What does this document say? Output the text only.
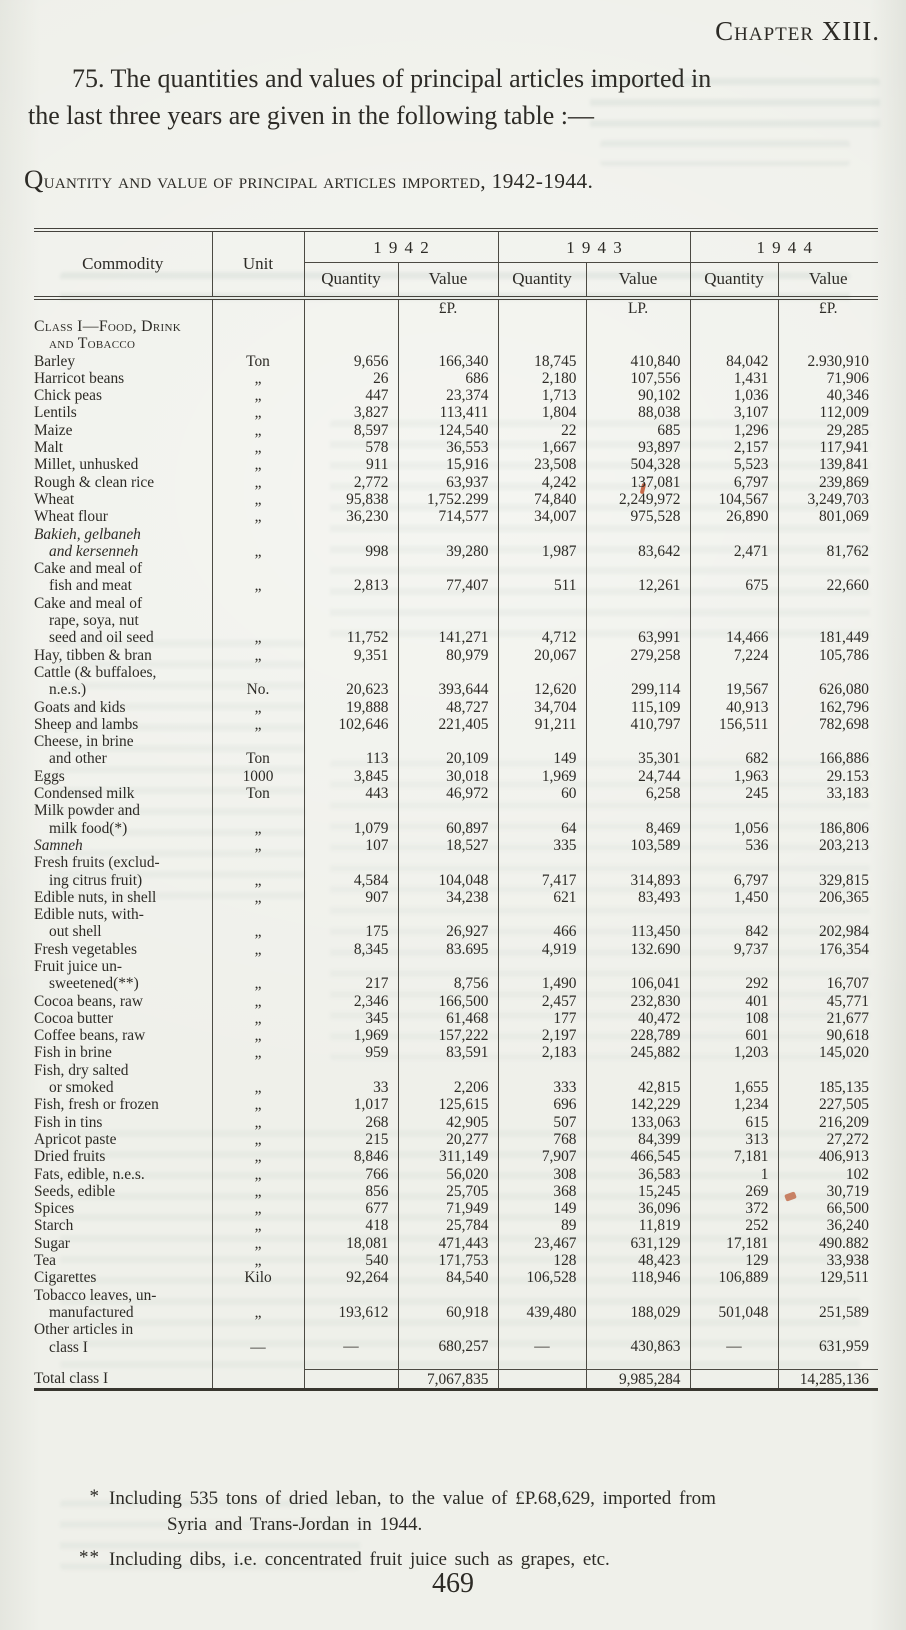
Chapter XIII.
75. The quantities and values of principal articles imported in
the last three years are given in the following table :—
Quantity and value of principal articles imported, 1942-1944.
Commodity	Unit	1942		1943		1944	
		Quantity	Value	Quantity	Value	Quantity	Value
			£P.		LP.		£P.

Class I—Food, Drink
and Tobacco							

Barley	Ton	9,656	166,340	18,745	410,840	84,042	2.930,910

Harricot beans	„	26	686	2,180	107,556	1,431	71,906

Chick peas	„	447	23,374	1,713	90,102	1,036	40,346

Lentils	„	3,827	113,411	1,804	88,038	3,107	112,009

Maize	„	8,597	124,540	22	685	1,296	29,285

Malt	„	578	36,553	1,667	93,897	2,157	117,941

Millet, unhusked	„	911	15,916	23,508	504,328	5,523	139,841

Rough & clean rice	„	2,772	63,937	4,242	137,081	6,797	239,869

Wheat	„	95,838	1,752.299	74,840	2,249,972	104,567	3,249,703

Wheat flour	„	36,230	714,577	34,007	975,528	26,890	801,069

Bakieh, gelbaneh
and kersenneh	„	998	39,280	1,987	83,642	2,471	81,762

Cake and meal of
fish and meat	„	2,813	77,407	511	12,261	675	22,660

Cake and meal of
rape, soya, nut
seed and oil seed	„	11,752	141,271	4,712	63,991	14,466	181,449

Hay, tibben & bran	„	9,351	80,979	20,067	279,258	7,224	105,786

Cattle (& buffaloes,
n.e.s.)	No.	20,623	393,644	12,620	299,114	19,567	626,080

Goats and kids	„	19,888	48,727	34,704	115,109	40,913	162,796

Sheep and lambs	„	102,646	221,405	91,211	410,797	156,511	782,698

Cheese, in brine
and other	Ton	113	20,109	149	35,301	682	166,886

Eggs	1000	3,845	30,018	1,969	24,744	1,963	29.153

Condensed milk	Ton	443	46,972	60	6,258	245	33,183

Milk powder and
milk food(*)	„	1,079	60,897	64	8,469	1,056	186,806

Samneh	„	107	18,527	335	103,589	536	203,213

Fresh fruits (exclud-
ing citrus fruit)	„	4,584	104,048	7,417	314,893	6,797	329,815

Edible nuts, in shell	„	907	34,238	621	83,493	1,450	206,365

Edible nuts, with-
out shell	„	175	26,927	466	113,450	842	202,984

Fresh vegetables	„	8,345	83.695	4,919	132.690	9,737	176,354

Fruit juice un-
sweetened(**)	„	217	8,756	1,490	106,041	292	16,707

Cocoa beans, raw	„	2,346	166,500	2,457	232,830	401	45,771

Cocoa butter	„	345	61,468	177	40,472	108	21,677

Coffee beans, raw	„	1,969	157,222	2,197	228,789	601	90,618

Fish in brine	„	959	83,591	2,183	245,882	1,203	145,020

Fish, dry salted
or smoked	„	33	2,206	333	42,815	1,655	185,135

Fish, fresh or frozen	„	1,017	125,615	696	142,229	1,234	227,505

Fish in tins	„	268	42,905	507	133,063	615	216,209

Apricot paste	„	215	20,277	768	84,399	313	27,272

Dried fruits	„	8,846	311,149	7,907	466,545	7,181	406,913

Fats, edible, n.e.s.	„	766	56,020	308	36,583	1	102

Seeds, edible	„	856	25,705	368	15,245	269	30,719

Spices	„	677	71,949	149	36,096	372	66,500

Starch	„	418	25,784	89	11,819	252	36,240

Sugar	„	18,081	471,443	23,467	631,129	17,181	490.882

Tea	„	540	171,753	128	48,423	129	33,938

Cigarettes	Kilo	92,264	84,540	106,528	118,946	106,889	129,511

Tobacco leaves, un-
manufactured	„	193,612	60,918	439,480	188,029	501,048	251,589

Other articles in
class I	—	—	680,257	—	430,863	—	631,959
Total class I			7,067,835		9,985,284		14,285,136
* Including 535 tons of dried leban, to the value of £P.68,629, imported from
Syria and Trans-Jordan in 1944.
** Including dibs, i.e. concentrated fruit juice such as grapes, etc.
469
